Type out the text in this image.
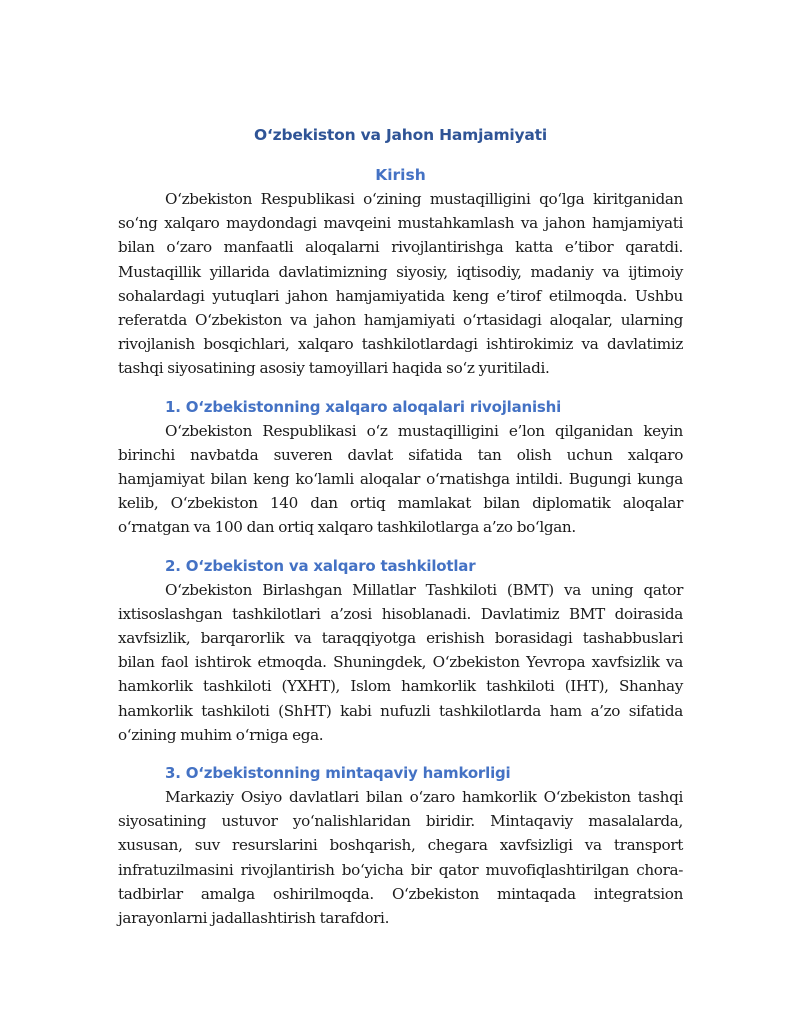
O‘zbekiston va Jahon Hamjamiyati
Kirish

O‘zbekiston Respublikasi o‘zining mustaqilligini qo‘lga kiritganidan so‘ng xalqaro maydondagi mavqeini mustahkamlash va jahon hamjamiyati bilan o‘zaro manfaatli aloqalarni rivojlantirishga katta e’tibor qaratdi. Mustaqillik yillarida davlatimizning siyosiy, iqtisodiy, madaniy va ijtimoiy sohalardagi yutuqlari jahon hamjamiyatida keng e’tirof etilmoqda. Ushbu referatda O‘zbekiston va jahon hamjamiyati o‘rtasidagi aloqalar, ularning rivojlanish bosqichlari, xalqaro tashkilotlardagi ishtirokimiz va davlatimiz tashqi siyosatining asosiy tamoyillari haqida so‘z yuritiladi.

1. O‘zbekistonning xalqaro aloqalari rivojlanishi

O‘zbekiston Respublikasi o‘z mustaqilligini e’lon qilganidan keyin birinchi navbatda suveren davlat sifatida tan olish uchun xalqaro hamjamiyat bilan keng ko‘lamli aloqalar o‘rnatishga intildi. Bugungi kunga kelib, O‘zbekiston 140 dan ortiq mamlakat bilan diplomatik aloqalar o‘rnatgan va 100 dan ortiq xalqaro tashkilotlarga a’zo bo‘lgan.

2. O‘zbekiston va xalqaro tashkilotlar

O‘zbekiston Birlashgan Millatlar Tashkiloti (BMT) va uning qator ixtisoslashgan tashkilotlari a’zosi hisoblanadi. Davlatimiz BMT doirasida xavfsizlik, barqarorlik va taraqqiyotga erishish borasidagi tashabbuslari bilan faol ishtirok etmoqda. Shuningdek, O‘zbekiston Yevropa xavfsizlik va hamkorlik tashkiloti (YXHT), Islom hamkorlik tashkiloti (IHT), Shanhay hamkorlik tashkiloti (ShHT) kabi nufuzli tashkilotlarda ham a’zo sifatida o‘zining muhim o‘rniga ega.

3. O‘zbekistonning mintaqaviy hamkorligi

Markaziy Osiyo davlatlari bilan o‘zaro hamkorlik O‘zbekiston tashqi siyosatining ustuvor yo‘nalishlaridan biridir. Mintaqaviy masalalarda, xususan, suv resurslarini boshqarish, chegara xavfsizligi va transport infratuzilmasini rivojlantirish bo‘yicha bir qator muvofiqlashtirilgan chora-tadbirlar amalga oshirilmoqda. O‘zbekiston mintaqada integratsion jarayonlarni jadallashtirish tarafdori.
